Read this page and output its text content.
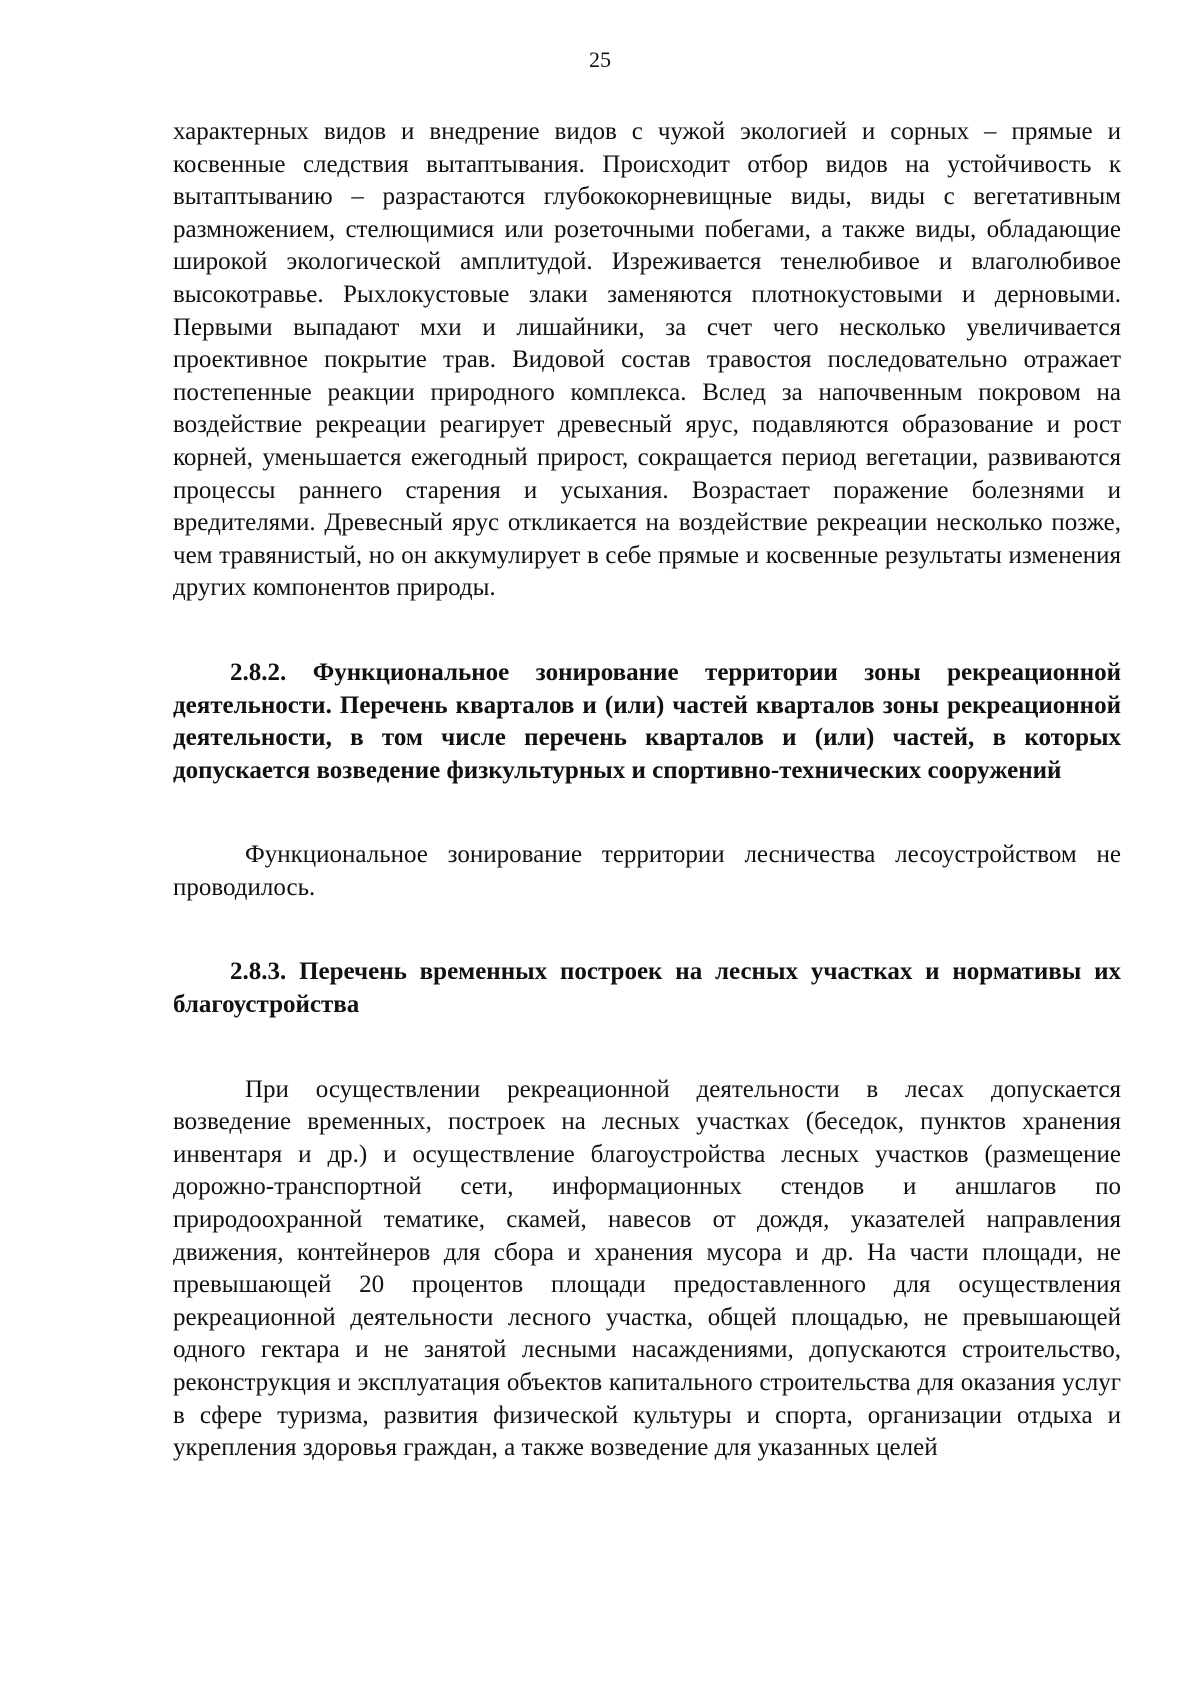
25

характерных видов и внедрение видов с чужой экологией и сорных – прямые и косвенные следствия вытаптывания. Происходит отбор видов на устойчивость к вытаптыванию – разрастаются глубококорневищные виды, виды с вегетативным размножением, стелющимися или розеточными побегами, а также виды, обладающие широкой экологической амплитудой. Изреживается тенелюбивое и влаголюбивое высокотравье. Рыхлокустовые злаки заменяются плотнокустовыми и дерновыми. Первыми выпадают мхи и лишайники, за счет чего несколько увеличивается проективное покрытие трав. Видовой состав травостоя последовательно отражает постепенные реакции природного комплекса. Вслед за напочвенным покровом на воздействие рекреации реагирует древесный ярус, подавляются образование и рост корней, уменьшается ежегодный прирост, сокращается период вегетации, развиваются процессы раннего старения и усыхания. Возрастает поражение болезнями и вредителями. Древесный ярус откликается на воздействие рекреации несколько позже, чем травянистый, но он аккумулирует в себе прямые и косвенные результаты изменения других компонентов природы.

2.8.2. Функциональное зонирование территории зоны рекреационной деятельности. Перечень кварталов и (или) частей кварталов зоны рекреационной деятельности, в том числе перечень кварталов и (или) частей, в которых допускается возведение физкультурных и спортивно-технических сооружений

Функциональное зонирование территории лесничества лесоустройством не проводилось.

2.8.3. Перечень временных построек на лесных участках и нормативы их благоустройства

При осуществлении рекреационной деятельности в лесах допускается возведение временных, построек на лесных участках (беседок, пунктов хранения инвентаря и др.) и осуществление благоустройства лесных участков (размещение дорожно-транспортной сети, информационных стендов и аншлагов по природоохранной тематике, скамей, навесов от дождя, указателей направления движения, контейнеров для сбора и хранения мусора и др. На части площади, не превышающей 20 процентов площади предоставленного для осуществления рекреационной деятельности лесного участка, общей площадью, не превышающей одного гектара и не занятой лесными насаждениями, допускаются строительство, реконструкция и эксплуатация объектов капитального строительства для оказания услуг в сфере туризма, развития физической культуры и спорта, организации отдыха и укрепления здоровья граждан, а также возведение для указанных целей
